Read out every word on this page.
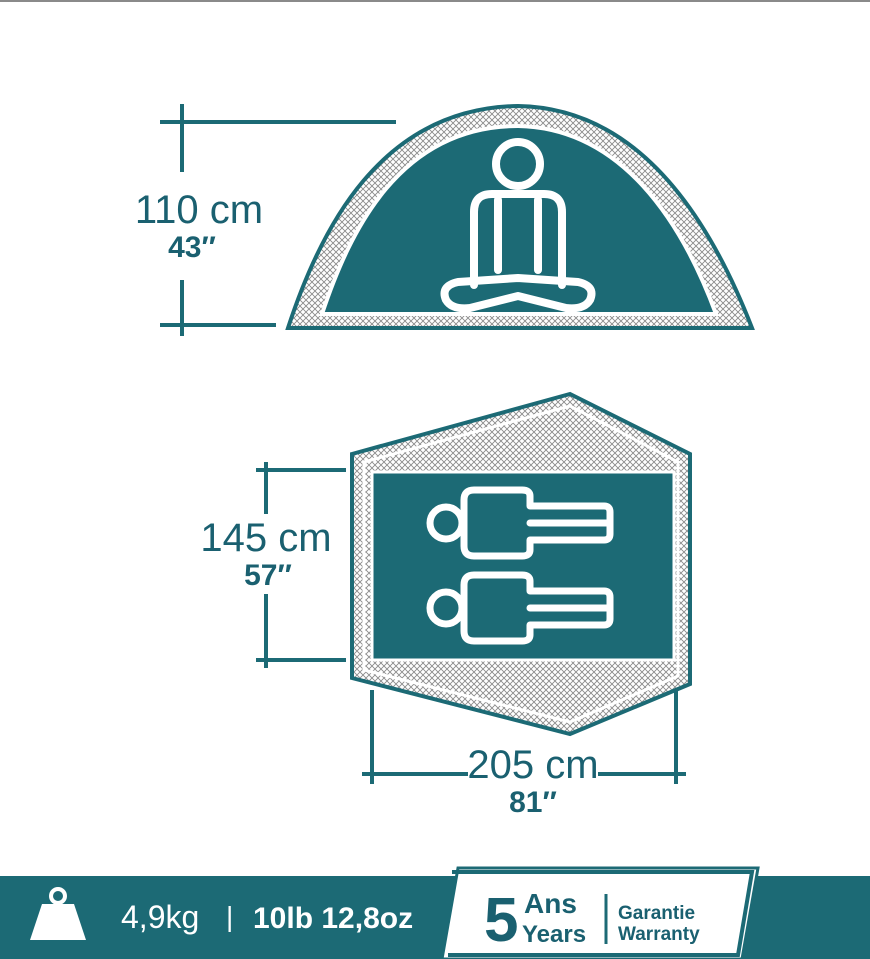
110 cm
43″
145 cm
57″
205 cm
81″
4,9kg | 10lb 12,8oz 5 Ans
Years
Garantie
Warranty
